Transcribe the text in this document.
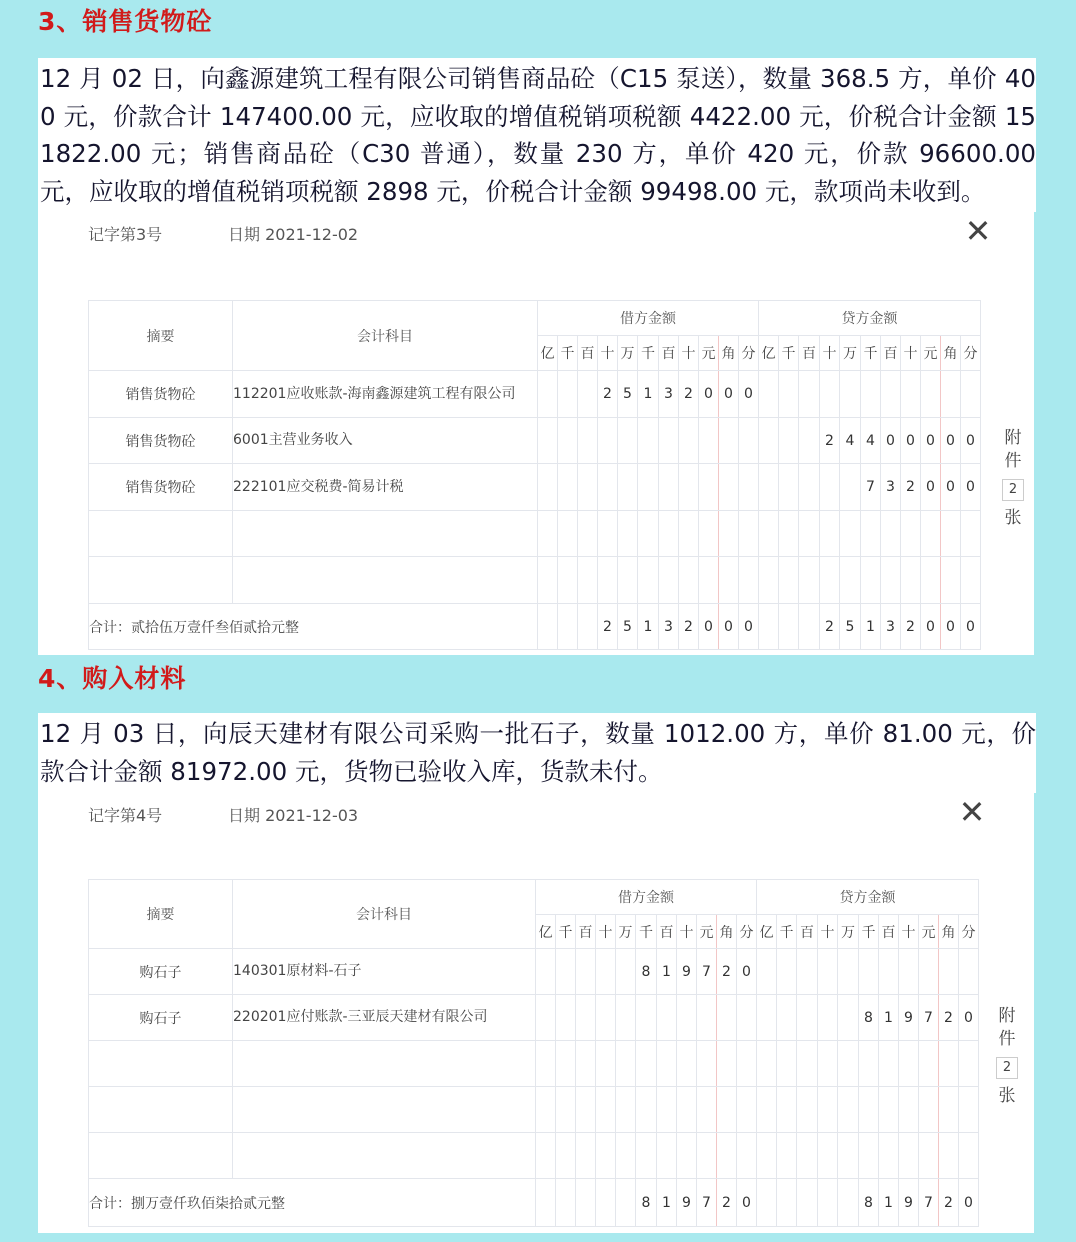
3、销售货物砼
12 月 02 日，向鑫源建筑工程有限公司销售商品砼（C15 泵送），数量 368.5 方，单价 400 元，价款合计 147400.00 元，应收取的增值税销项税额 4422.00 元，价税合计金额 151822.00 元；销售商品砼（C30 普通），数量 230 方，单价 420 元，价款 96600.00 元，应收取的增值税销项税额 2898 元，价税合计金额 99498.00 元，款项尚未收到。
记字第3号	日期 2021-12-02	✕
摘要	会计科目	借方金额											贷方金额										
		亿	千	百	十	万	千	百	十	元	角	分	亿	千	百	十	万	千	百	十	元	角	分
销售货物砼	112201应收账款-海南鑫源建筑工程有限公司				2	5	1	3	2	0	0	0											
销售货物砼	6001主营业务收入															2	4	4	0	0	0	0	0
销售货物砼	222101应交税费-简易计税																	7	3	2	0	0	0

合计：贰拾伍万壹仟叁佰贰拾元整					2	5	1	3	2	0	0	0				2	5	1	3	2	0	0	0
附
件
2
张
4、购入材料
12 月 03 日，向辰天建材有限公司采购一批石子，数量 1012.00 方，单价 81.00 元，价款合计金额 81972.00 元，货物已验收入库，货款未付。
记字第4号	日期 2021-12-03	✕
摘要	会计科目	借方金额											贷方金额										
		亿	千	百	十	万	千	百	十	元	角	分	亿	千	百	十	万	千	百	十	元	角	分
购石子	140301原材料-石子						8	1	9	7	2	0											
购石子	220201应付账款-三亚辰天建材有限公司																	8	1	9	7	2	0

合计：捌万壹仟玖佰柒拾贰元整							8	1	9	7	2	0						8	1	9	7	2	0
附
件
2
张
